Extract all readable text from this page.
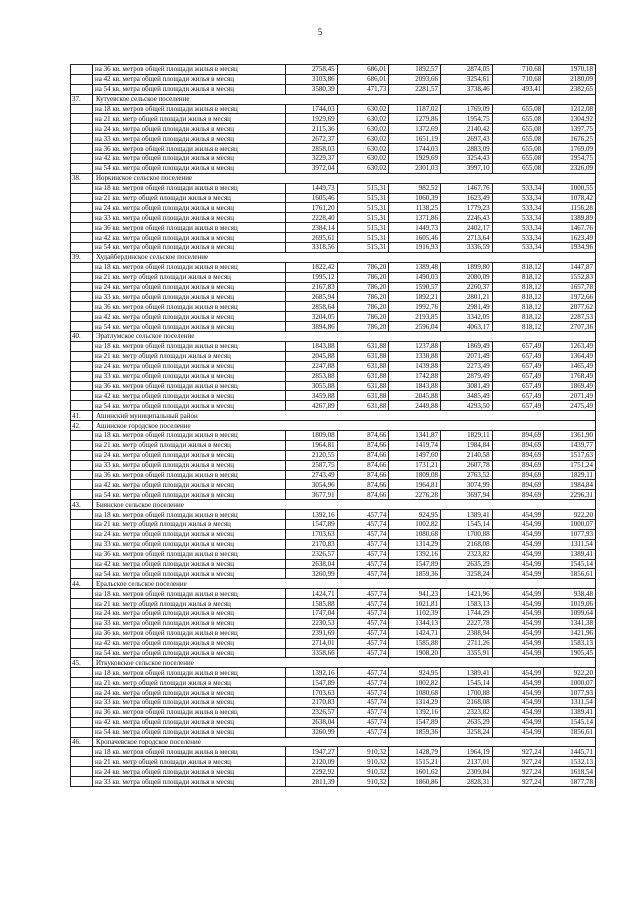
5
	на 36 кв. метров общей площади жилья в месяц	2758,45	686,01	1892,57	2874,05	710,68	1970,18
	на 42 кв. метра общей площади жилья в месяц	3103,86	686,01	2093,66	3254,61	710,68	2180,09
	на 54 кв. метра общей площади жилья в месяц	3580,39	471,73	2281,57	3738,46	493,41	2382,65
37.	Кутуевское сельское поселение						
	на 18 кв. метров общей площади жилья в месяц	1744,03	630,02	1187,02	1769,09	655,08	1212,08
	на 21 кв. метр общей площади жилья в месяц	1929,69	630,02	1279,86	1954,75	655,08	1304,92
	на 24 кв. метра общей площади жилья в месяц	2115,36	630,02	1372,69	2140,42	655,08	1397,75
	на 33 кв. метра общей площади жилья в месяц	2672,37	630,02	1651,19	2697,43	655,08	1676,25
	на 36 кв. метров общей площади жилья в месяц	2858,03	630,02	1744,03	2883,09	655,08	1769,09
	на 42 кв. метра общей площади жилья в месяц	3229,37	630,02	1929,69	3254,43	655,08	1954,75
	на 54 кв. метра общей площади жилья в месяц	3972,04	630,02	2301,03	3997,10	655,08	2326,09
38.	Норкинское сельское поселение						
	на 18 кв. метров общей площади жилья в месяц	1449,73	515,31	982,52	1467,76	533,34	1000,55
	на 21 кв. метр общей площади жилья в месяц	1605,46	515,31	1060,39	1623,49	533,34	1078,42
	на 24 кв. метра общей площади жилья в месяц	1761,20	515,31	1138,25	1779,23	533,34	1156,28
	на 33 кв. метра общей площади жилья в месяц	2228,40	515,31	1371,86	2246,43	533,34	1389,89
	на 36 кв. метров общей площади жилья в месяц	2384,14	515,31	1449,73	2402,17	533,34	1467,76
	на 42 кв. метра общей площади жилья в месяц	2695,61	515,31	1605,46	2713,64	533,34	1623,49
	на 54 кв. метра общей площади жилья в месяц	3318,56	515,31	1916,93	3336,59	533,34	1934,96
39.	Худайбердинское сельское поселение						
	на 18 кв. метров общей площади жилья в месяц	1822,42	786,20	1389,48	1899,80	818,12	1447,87
	на 21 кв. метр общей площади жилья в месяц	1995,12	786,20	1490,03	2080,09	818,12	1552,83
	на 24 кв. метра общей площади жилья в месяц	2167,83	786,20	1590,57	2260,37	818,12	1657,78
	на 33 кв. метра общей площади жилья в месяц	2685,94	786,20	1892,21	2801,21	818,12	1972,66
	на 36 кв. метров общей площади жилья в месяц	2858,64	786,20	1992,76	2981,49	818,12	2077,62
	на 42 кв. метра общей площади жилья в месяц	3204,05	786,20	2193,85	3342,05	818,12	2287,53
	на 54 кв. метра общей площади жилья в месяц	3894,86	786,20	2596,04	4063,17	818,12	2707,36
40.	Эратлумское сельское поселение						
	на 18 кв. метров общей площади жилья в месяц	1843,88	631,88	1237,88	1869,49	657,49	1263,49
	на 21 кв. метр общей площади жилья в месяц	2045,88	631,88	1338,88	2071,49	657,49	1364,49
	на 24 кв. метра общей площади жилья в месяц	2247,88	631,88	1439,88	2273,49	657,49	1465,49
	на 33 кв. метра общей площади жилья в месяц	2853,88	631,88	1742,88	2879,49	657,49	1768,49
	на 36 кв. метров общей площади жилья в месяц	3055,88	631,88	1843,88	3081,49	657,49	1869,49
	на 42 кв. метра общей площади жилья в месяц	3459,88	631,88	2045,88	3485,49	657,49	2071,49
	на 54 кв. метра общей площади жилья в месяц	4267,89	631,88	2449,88	4293,50	657,49	2475,49
41.	Ашинский муниципальный район						
42.	Ашинское городское поселение						
	на 18 кв. метров общей площади жилья в месяц	1809,08	874,66	1341,87	1829,11	894,69	1361,90
	на 21 кв. метр общей площади жилья в месяц	1964,81	874,66	1419,74	1984,84	894,69	1439,77
	на 24 кв. метра общей площади жилья в месяц	2120,55	874,66	1497,60	2140,58	894,69	1517,63
	на 33 кв. метра общей площади жилья в месяц	2587,75	874,66	1731,21	2607,78	894,69	1751,24
	на 36 кв. метров общей площади жилья в месяц	2743,49	874,66	1809,08	2763,52	894,69	1829,11
	на 42 кв. метра общей площади жилья в месяц	3054,96	874,66	1964,81	3074,99	894,69	1984,84
	на 54 кв. метра общей площади жилья в месяц	3677,91	874,66	2276,28	3697,94	894,69	2296,31
43.	Биянское сельское поселение						
	на 18 кв. метров общей площади жилья в месяц	1392,16	457,74	924,95	1389,41	454,99	922,20
	на 21 кв. метр общей площади жилья в месяц	1547,89	457,74	1002,82	1545,14	454,99	1000,07
	на 24 кв. метра общей площади жилья в месяц	1703,63	457,74	1080,68	1700,88	454,99	1077,93
	на 33 кв. метра общей площади жилья в месяц	2170,83	457,74	1314,29	2168,08	454,99	1311,54
	на 36 кв. метров общей площади жилья в месяц	2326,57	457,74	1392,16	2323,82	454,99	1389,41
	на 42 кв. метра общей площади жилья в месяц	2638,04	457,74	1547,89	2635,29	454,99	1545,14
	на 54 кв. метра общей площади жилья в месяц	3260,99	457,74	1859,36	3258,24	454,99	1856,61
44.	Еральское сельское поселение						
	на 18 кв. метров общей площади жилья в месяц	1424,71	457,74	941,23	1421,96	454,99	938,48
	на 21 кв. метр общей площади жилья в месяц	1585,88	457,74	1021,81	1583,13	454,99	1019,06
	на 24 кв. метра общей площади жилья в месяц	1747,04	457,74	1102,39	1744,29	454,99	1099,64
	на 33 кв. метра общей площади жилья в месяц	2230,53	457,74	1344,13	2227,78	454,99	1341,38
	на 36 кв. метров общей площади жилья в месяц	2391,69	457,74	1424,71	2388,94	454,99	1421,96
	на 42 кв. метра общей площади жилья в месяц	2714,01	457,74	1585,88	2711,26	454,99	1583,13
	на 54 кв. метра общей площади жилья в месяц	3358,66	457,74	1908,20	3355,91	454,99	1905,45
45.	Иткуковское сельское поселение						
	на 18 кв. метров общей площади жилья в месяц	1392,16	457,74	924,95	1389,41	454,99	922,20
	на 21 кв. метр общей площади жилья в месяц	1547,89	457,74	1002,82	1545,14	454,99	1000,07
	на 24 кв. метра общей площади жилья в месяц	1703,63	457,74	1080,68	1700,88	454,99	1077,93
	на 33 кв. метра общей площади жилья в месяц	2170,83	457,74	1314,29	2168,08	454,99	1311,54
	на 36 кв. метров общей площади жилья в месяц	2326,57	457,74	1392,16	2323,82	454,99	1389,41
	на 42 кв. метра общей площади жилья в месяц	2638,04	457,74	1547,89	2635,29	454,99	1545,14
	на 54 кв. метра общей площади жилья в месяц	3260,99	457,74	1859,36	3258,24	454,99	1856,61
46.	Кропачевское городское поселение						
	на 18 кв. метров общей площади жилья в месяц	1947,27	910,32	1428,79	1964,19	927,24	1445,71
	на 21 кв. метр общей площади жилья в месяц	2120,09	910,32	1515,21	2137,01	927,24	1532,13
	на 24 кв. метра общей площади жилья в месяц	2292,92	910,32	1601,62	2309,84	927,24	1618,54
	на 33 кв. метра общей площади жилья в месяц	2811,39	910,32	1860,86	2828,31	927,24	1877,78
